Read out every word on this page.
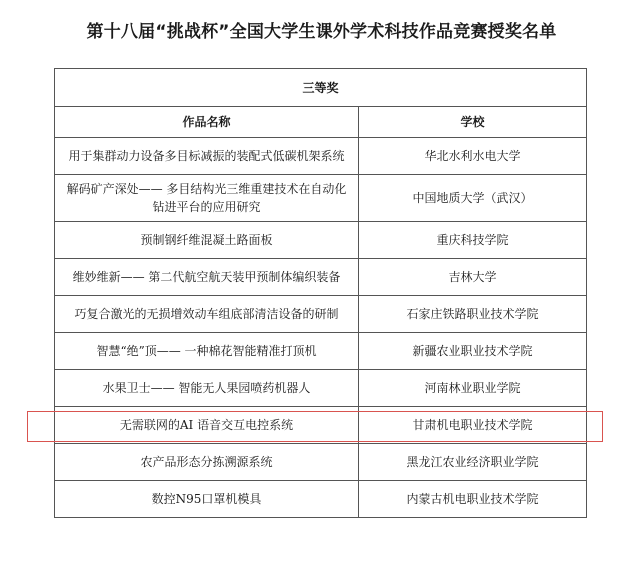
第十八届“挑战杯”全国大学生课外学术科技作品竞赛授奖名单
三等奖	
作品名称	学校
用于集群动力设备多目标减振的装配式低碳机架系统	华北水利水电大学
解码矿产深处—— 多目结构光三维重建技术在自动化钻进平台的应用研究	中国地质大学（武汉）
预制钢纤维混凝土路面板	重庆科技学院
维妙维新—— 第二代航空航天装甲预制体编织装备	吉林大学
巧复合激光的无损增效动车组底部清洁设备的研制	石家庄铁路职业技术学院
智慧“绝”顶—— 一种棉花智能精准打顶机	新疆农业职业技术学院
水果卫士—— 智能无人果园喷药机器人	河南林业职业学院
无需联网的AI 语音交互电控系统	甘肃机电职业技术学院
农产品形态分拣溯源系统	黑龙江农业经济职业学院
数控N95口罩机模具	内蒙古机电职业技术学院
